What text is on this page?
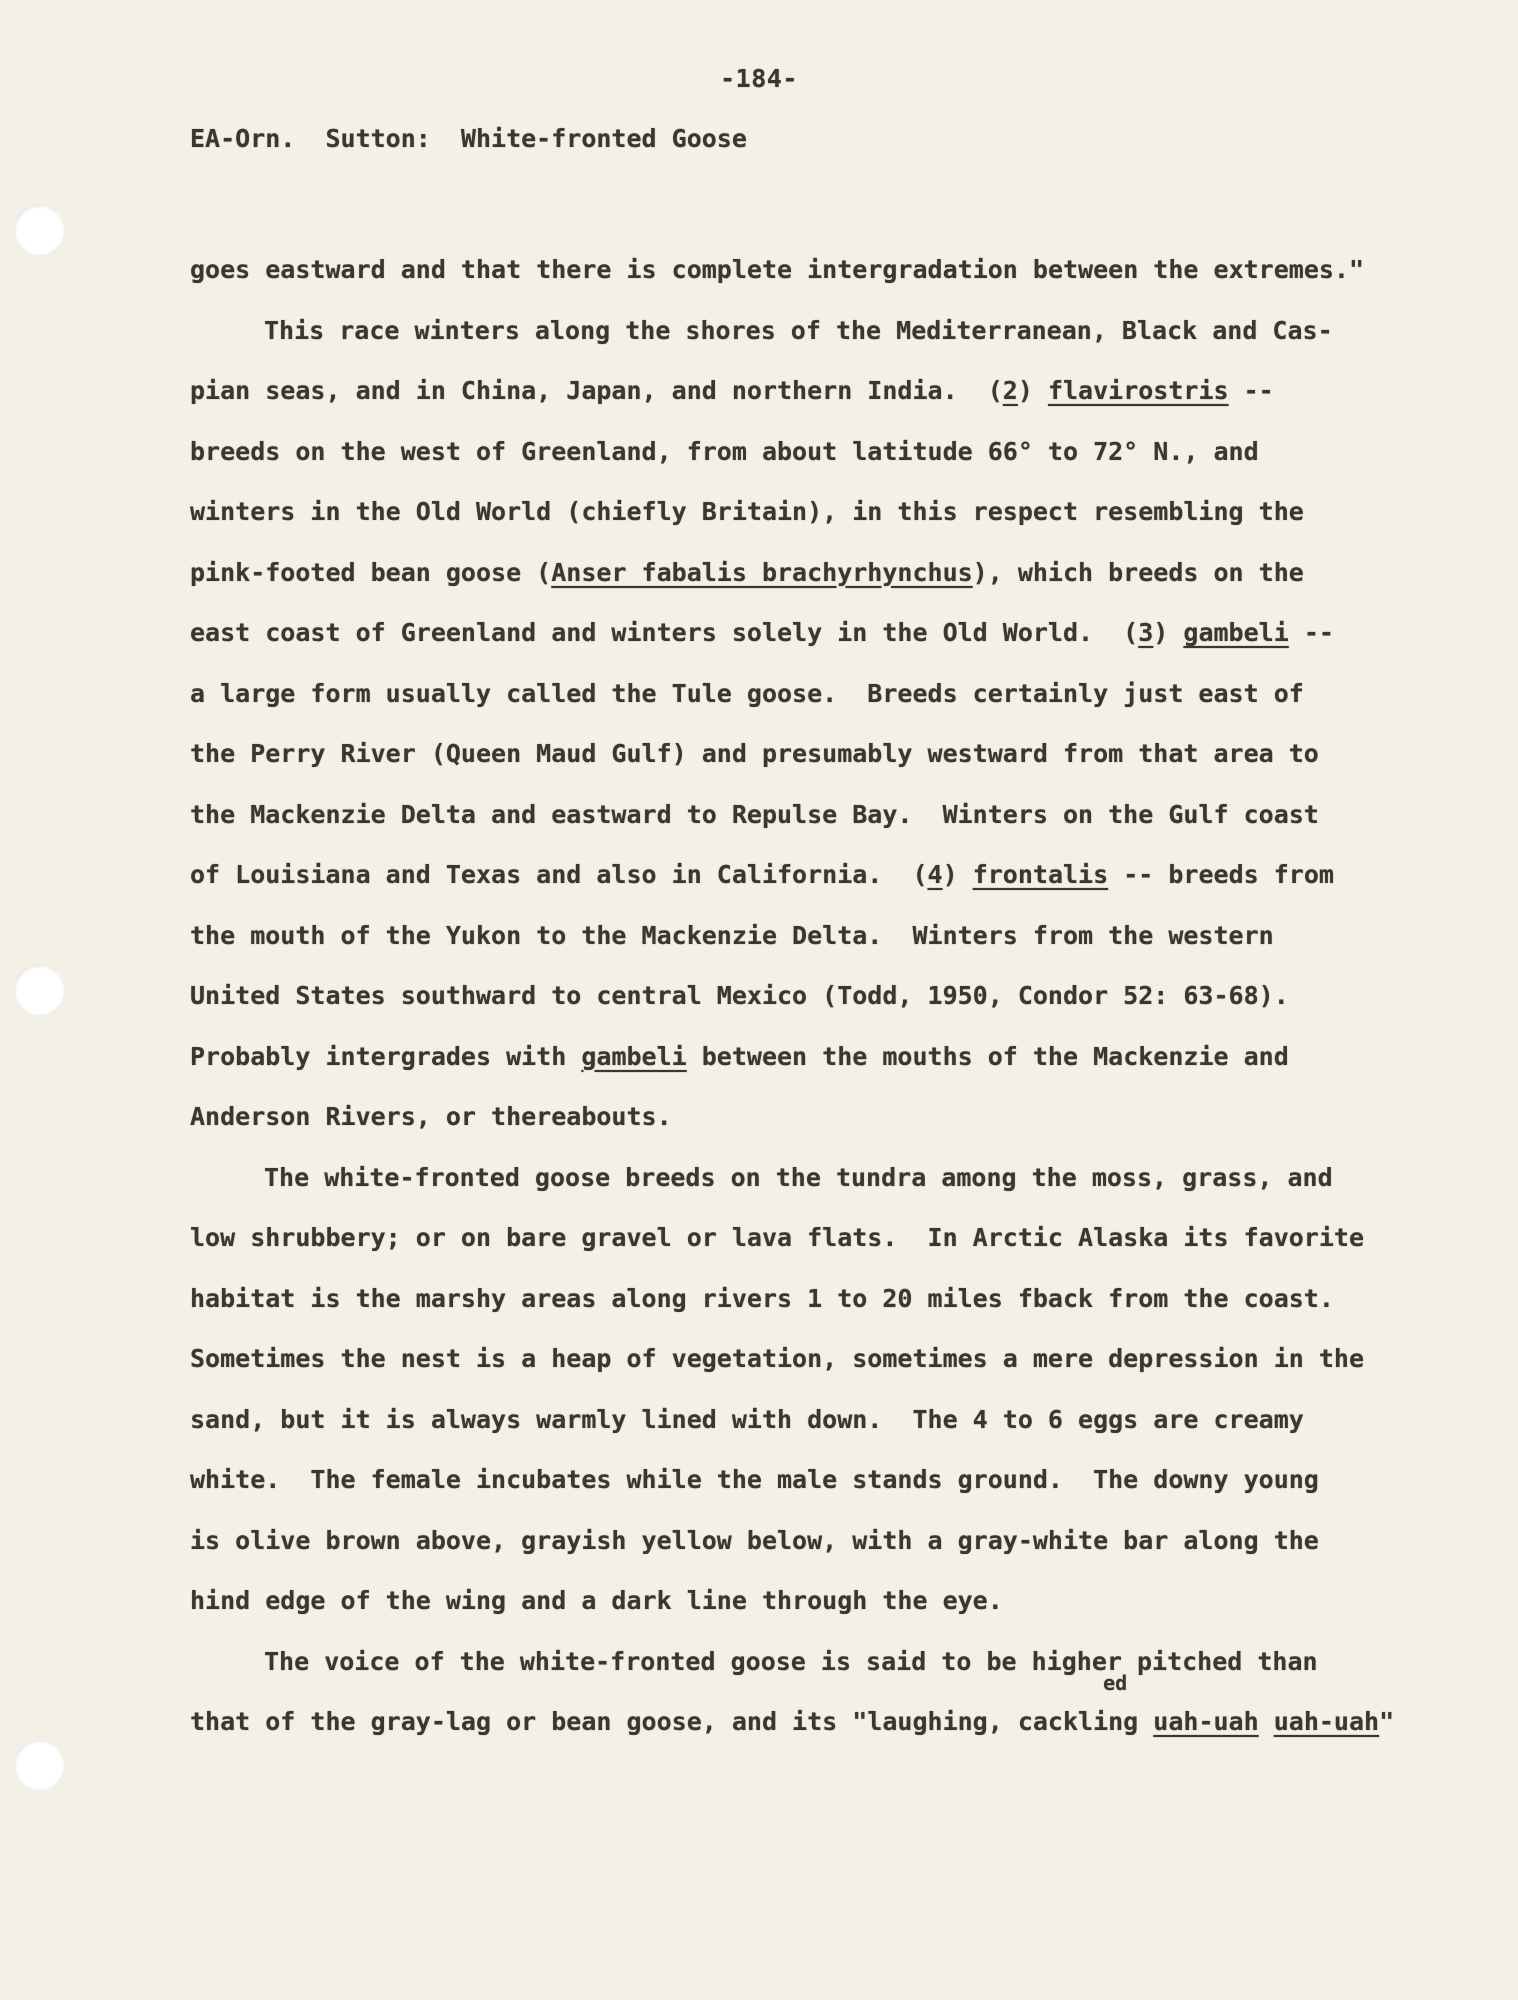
-184-
EA-Orn.  Sutton:  White-fronted Goose
goes eastward and that there is complete intergradation between the extremes."
This race winters along the shores of the Mediterranean, Black and Cas-
pian seas, and in China, Japan, and northern India.  (2) flavirostris --
breeds on the west of Greenland, from about latitude 66° to 72° N., and
winters in the Old World (chiefly Britain), in this respect resembling the
pink-footed bean goose (Anser fabalis brachyrhynchus), which breeds on the
east coast of Greenland and winters solely in the Old World.  (3) gambeli --
a large form usually called the Tule goose.  Breeds certainly just east of
the Perry River (Queen Maud Gulf) and presumably westward from that area to
the Mackenzie Delta and eastward to Repulse Bay.  Winters on the Gulf coast
of Louisiana and Texas and also in California.  (4) frontalis -- breeds from
the mouth of the Yukon to the Mackenzie Delta.  Winters from the western
United States southward to central Mexico (Todd, 1950, Condor 52: 63-68).
Probably intergrades with gambeli between the mouths of the Mackenzie and
Anderson Rivers, or thereabouts.
The white-fronted goose breeds on the tundra among the moss, grass, and
low shrubbery; or on bare gravel or lava flats.  In Arctic Alaska its favorite
habitat is the marshy areas along rivers 1 to 20 miles fback from the coast.
Sometimes the nest is a heap of vegetation, sometimes a mere depression in the
sand, but it is always warmly lined with down.  The 4 to 6 eggs are creamy
white.  The female incubates while the male stands ground.  The downy young
is olive brown above, grayish yellow below, with a gray-white bar along the
hind edge of the wing and a dark line through the eye.
The voice of the white-fronted goose is said to be higher pitched than
that of the gray-lag or bean goose, and its "laughing, cackling
ed
uah-uah uah-uah"
